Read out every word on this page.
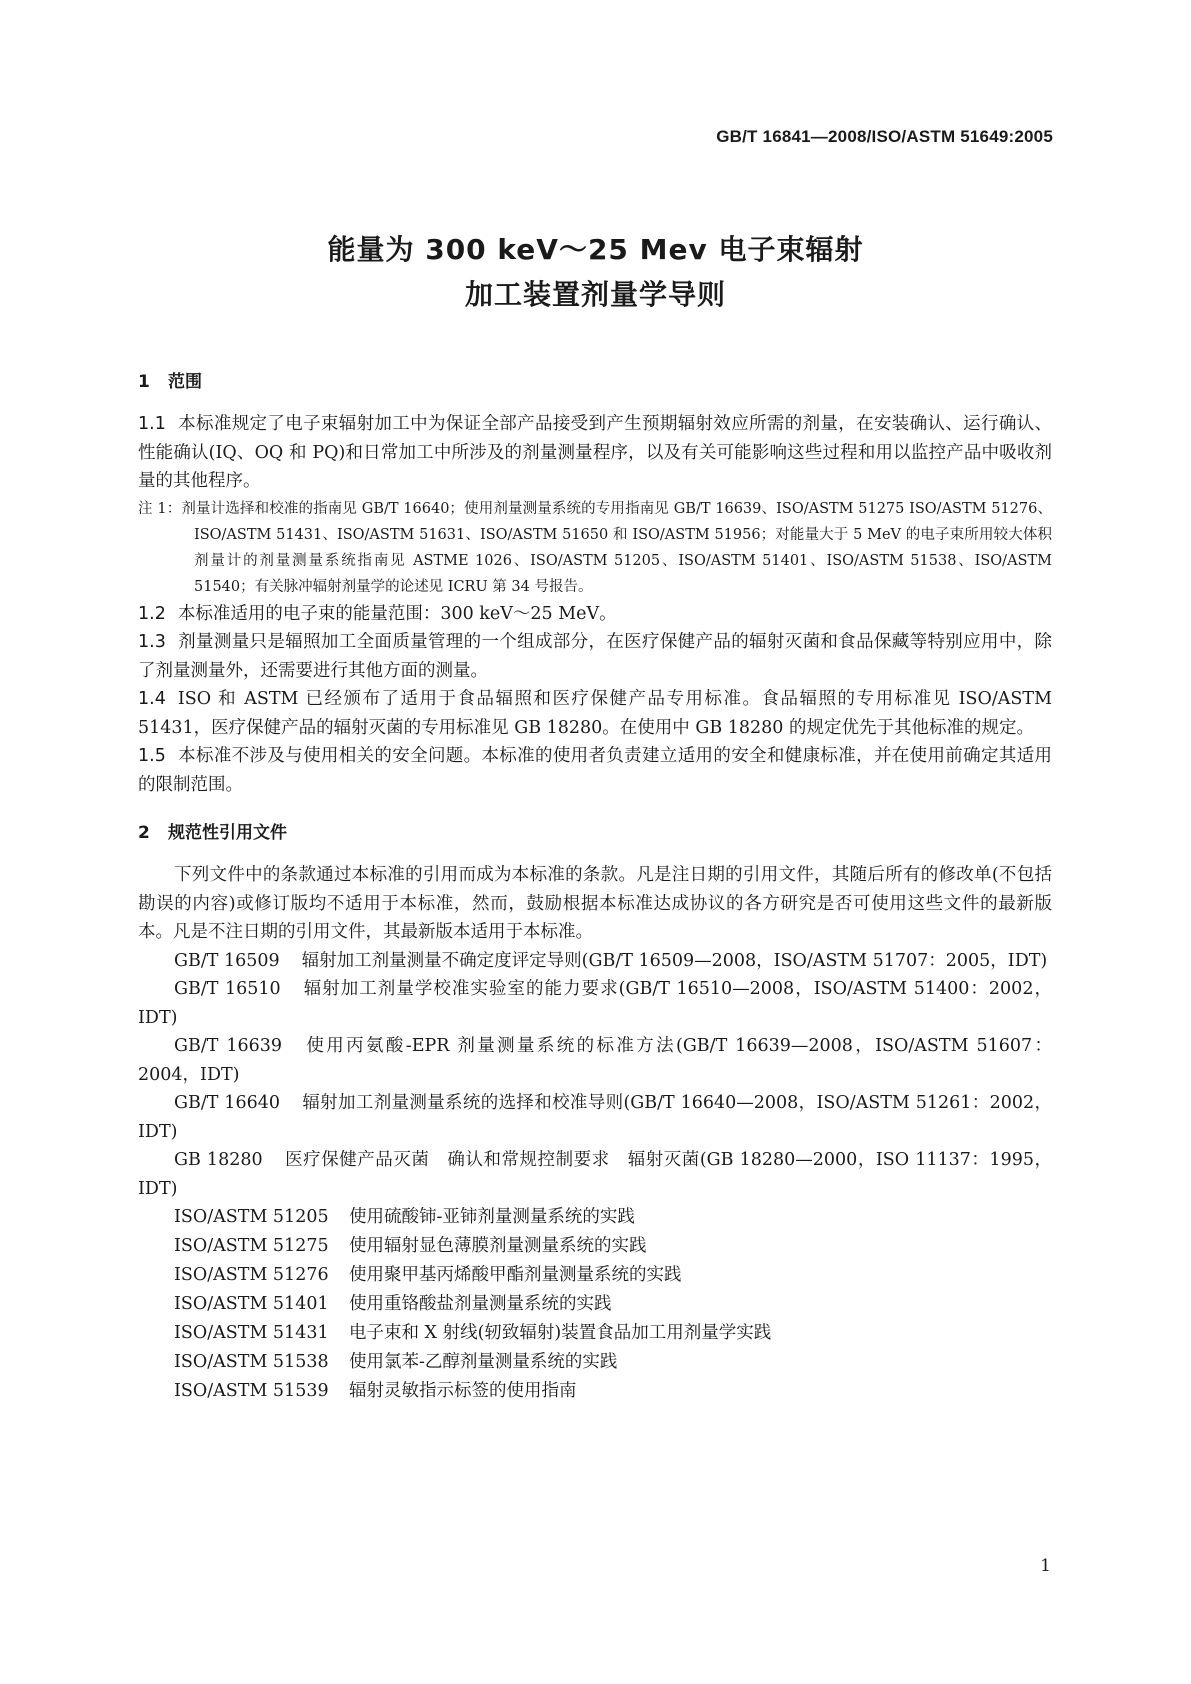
GB/T 16841—2008/ISO/ASTM 51649:2005
能量为 300 keV～25 Mev 电子束辐射
加工装置剂量学导则
1 范围

1.1 本标准规定了电子束辐射加工中为保证全部产品接受到产生预期辐射效应所需的剂量，在安装确认、运行确认、性能确认(IQ、OQ 和 PQ)和日常加工中所涉及的剂量测量程序，以及有关可能影响这些过程和用以监控产品中吸收剂量的其他程序。

注 1：剂量计选择和校准的指南见 GB/T 16640；使用剂量测量系统的专用指南见 GB/T 16639、ISO/ASTM 51275 ISO/ASTM 51276、ISO/ASTM 51431、ISO/ASTM 51631、ISO/ASTM 51650 和 ISO/ASTM 51956；对能量大于 5 MeV 的电子束所用较大体积剂量计的剂量测量系统指南见 ASTME 1026、ISO/ASTM 51205、ISO/ASTM 51401、ISO/ASTM 51538、ISO/ASTM 51540；有关脉冲辐射剂量学的论述见 ICRU 第 34 号报告。

1.2 本标准适用的电子束的能量范围：300 keV～25 MeV。

1.3 剂量测量只是辐照加工全面质量管理的一个组成部分，在医疗保健产品的辐射灭菌和食品保藏等特别应用中，除了剂量测量外，还需要进行其他方面的测量。

1.4 ISO 和 ASTM 已经颁布了适用于食品辐照和医疗保健产品专用标准。食品辐照的专用标准见 ISO/ASTM 51431，医疗保健产品的辐射灭菌的专用标准见 GB 18280。在使用中 GB 18280 的规定优先于其他标准的规定。

1.5 本标准不涉及与使用相关的安全问题。本标准的使用者负责建立适用的安全和健康标准，并在使用前确定其适用的限制范围。

2 规范性引用文件

下列文件中的条款通过本标准的引用而成为本标准的条款。凡是注日期的引用文件，其随后所有的修改单(不包括勘误的内容)或修订版均不适用于本标准，然而，鼓励根据本标准达成协议的各方研究是否可使用这些文件的最新版本。凡是不注日期的引用文件，其最新版本适用于本标准。

GB/T 16509 辐射加工剂量测量不确定度评定导则(GB/T 16509—2008，ISO/ASTM 51707：2005，IDT)

GB/T 16510 辐射加工剂量学校准实验室的能力要求(GB/T 16510—2008，ISO/ASTM 51400：2002，IDT)

GB/T 16639 使用丙氨酸-EPR 剂量测量系统的标准方法(GB/T 16639—2008，ISO/ASTM 51607：2004，IDT)

GB/T 16640 辐射加工剂量测量系统的选择和校准导则(GB/T 16640—2008，ISO/ASTM 51261：2002，IDT)

GB 18280 医疗保健产品灭菌　确认和常规控制要求　辐射灭菌(GB 18280—2000，ISO 11137：1995，IDT)

ISO/ASTM 51205 使用硫酸铈-亚铈剂量测量系统的实践

ISO/ASTM 51275 使用辐射显色薄膜剂量测量系统的实践

ISO/ASTM 51276 使用聚甲基丙烯酸甲酯剂量测量系统的实践

ISO/ASTM 51401 使用重铬酸盐剂量测量系统的实践

ISO/ASTM 51431 电子束和 X 射线(轫致辐射)装置食品加工用剂量学实践

ISO/ASTM 51538 使用氯苯-乙醇剂量测量系统的实践

ISO/ASTM 51539 辐射灵敏指示标签的使用指南

1
